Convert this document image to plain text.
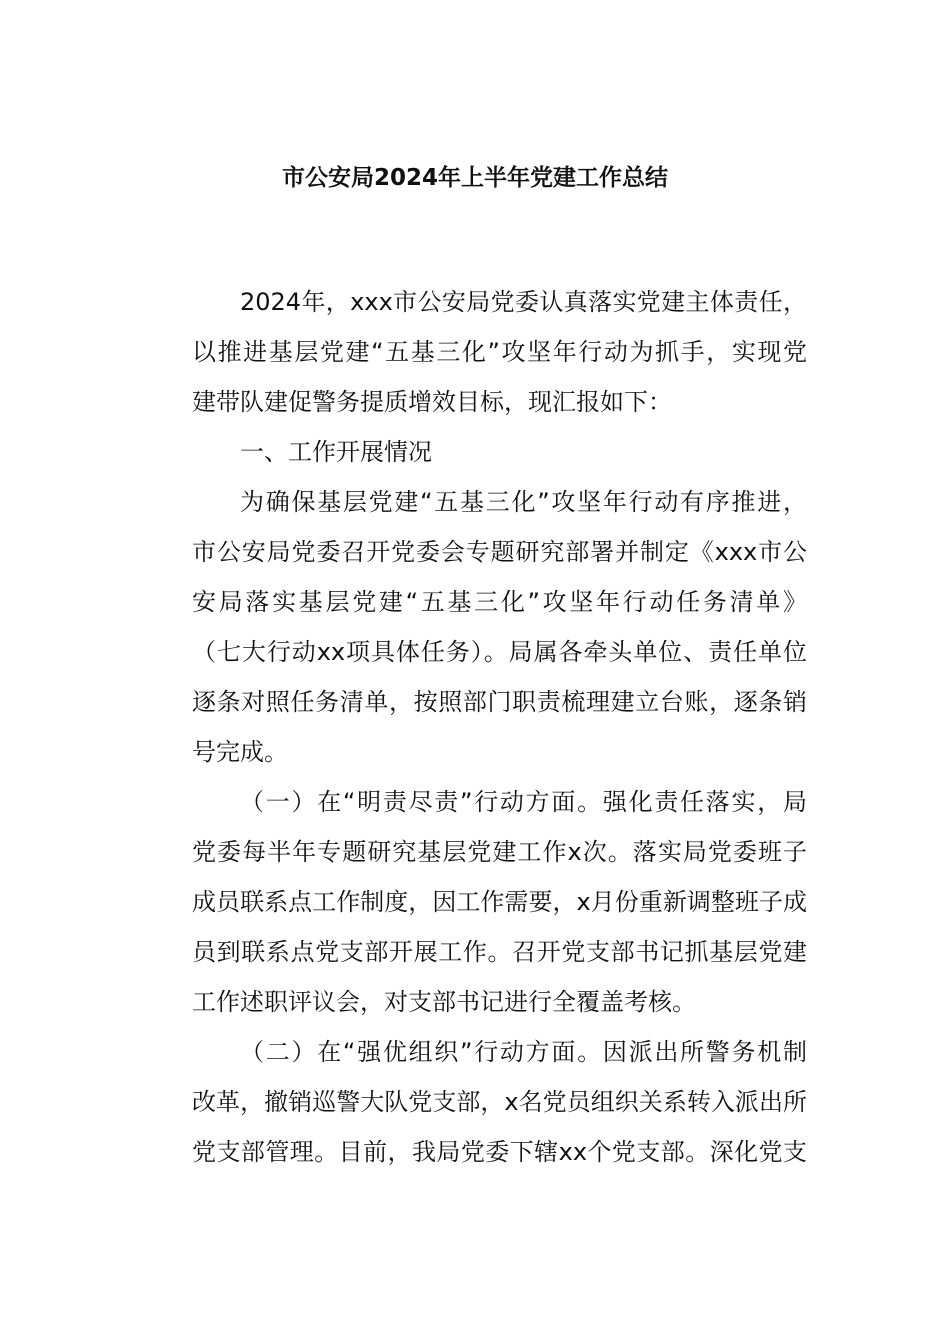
市公安局2024年上半年党建工作总结
2024年，xxx市公安局党委认真落实党建主体责任，
以推进基层党建“五基三化”攻坚年行动为抓手，实现党
建带队建促警务提质增效目标，现汇报如下：
一、工作开展情况
为确保基层党建“五基三化”攻坚年行动有序推进，
市公安局党委召开党委会专题研究部署并制定《xxx市公
安局落实基层党建“五基三化”攻坚年行动任务清单》
（七大行动xx项具体任务）。局属各牵头单位、责任单位
逐条对照任务清单，按照部门职责梳理建立台账，逐条销
号完成。
（一）在“明责尽责”行动方面。强化责任落实，局
党委每半年专题研究基层党建工作x次。落实局党委班子
成员联系点工作制度，因工作需要，x月份重新调整班子成
员到联系点党支部开展工作。召开党支部书记抓基层党建
工作述职评议会，对支部书记进行全覆盖考核。
（二）在“强优组织”行动方面。因派出所警务机制
改革，撤销巡警大队党支部，x名党员组织关系转入派出所
党支部管理。目前，我局党委下辖xx个党支部。深化党支
